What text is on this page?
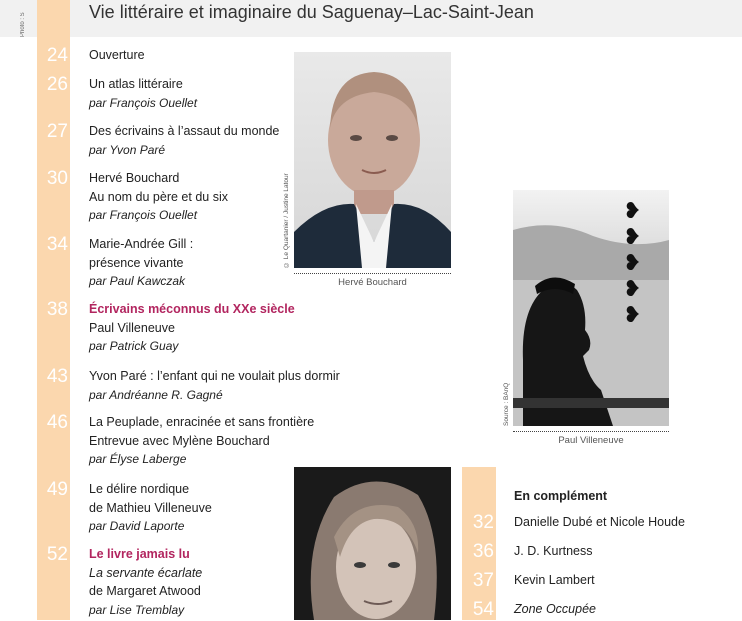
Photo : S
Vie littéraire et imaginaire du Saguenay–Lac-Saint-Jean
24
26
27
30
34
38
43
46
49
52
Ouverture
Un atlas littéraire
par François Ouellet
Des écrivains à l’assaut du monde
par Yvon Paré
Hervé Bouchard
Au nom du père et du six
par François Ouellet
Marie-Andrée Gill :
présence vivante
par Paul Kawczak
Écrivains méconnus du XXe siècle
Paul Villeneuve
par Patrick Guay
Yvon Paré : l’enfant qui ne voulait plus dormir
par Andréanne R. Gagné
La Peuplade, enracinée et sans frontière
Entrevue avec Mylène Bouchard
par Élyse Laberge
Le délire nordique
de Mathieu Villeneuve
par David Laporte
Le livre jamais lu
La servante écarlate
de Margaret Atwood
par Lise Tremblay
© Le Quartanier / Justine Latour
Hervé Bouchard
❥
❥
❥
❥
❥
Source : BAnQ
Paul Villeneuve
En complément
32 Danielle Dubé et Nicole Houde
36 J. D. Kurtness
37 Kevin Lambert
54 Zone Occupée
